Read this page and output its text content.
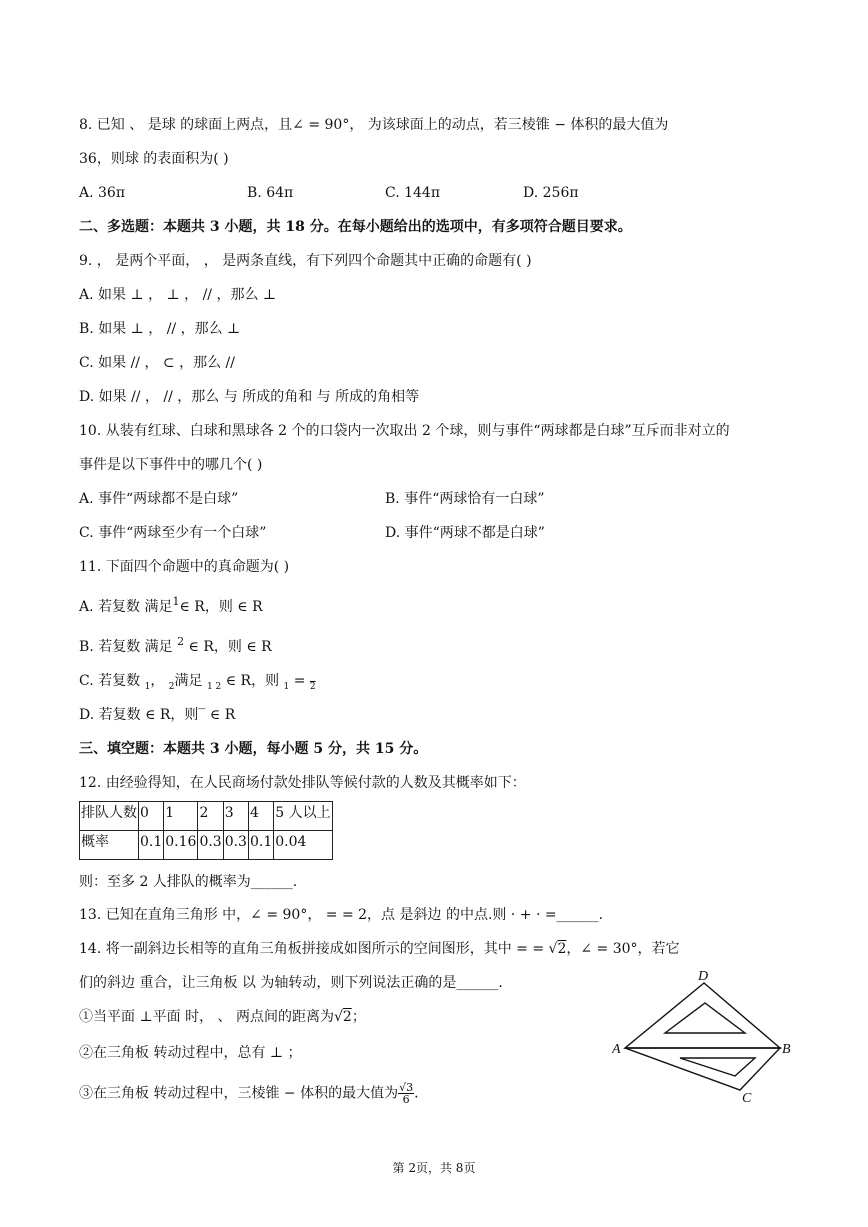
8. 已知 、 是球 的球面上两点，且∠ = 90°， 为该球面上的动点，若三棱锥 − 体积的最大值为
36，则球 的表面积为( )
A. 36π	B. 64π	C. 144π	D. 256π
二、多选题：本题共 3 小题，共 18 分。在每小题给出的选项中，有多项符合题目要求。
9. ， 是两个平面， ， 是两条直线，有下列四个命题其中正确的命题有( )
A. 如果 ⊥ ， ⊥ ， // ，那么 ⊥
B. 如果 ⊥ ， // ，那么 ⊥
C. 如果 // ， ⊂ ，那么 //
D. 如果 // ， // ，那么 与 所成的角和 与 所成的角相等
10. 从装有红球、白球和黑球各 2 个的口袋内一次取出 2 个球，则与事件“两球都是白球”互斥而非对立的
事件是以下事件中的哪几个( )
A. 事件“两球都不是白球”	B. 事件“两球恰有一白球”
C. 事件“两球至少有一个白球”	D. 事件“两球不都是白球”
11. 下面四个命题中的真命题为( )
A. 若复数 满足$^1$∈ R，则 ∈ R
B. 若复数 满足 $^2$ ∈ R，则 ∈ R
C. 若复数 $_1$， $_2$满足 $_{1 2}$ ∈ R，则 $_1$ = $_2$
D. 若复数 ∈ R，则‾ ∈ R
三、填空题：本题共 3 小题，每小题 5 分，共 15 分。
12. 由经验得知，在人民商场付款处排队等候付款的人数及其概率如下：
排队人数	0	1	2	3	4	5 人以上
概率	0.1	0.16	0.3	0.3	0.1	0.04
则：至多 2 人排队的概率为______.
13. 已知在直角三角形 中，∠ = 90°， = = 2，点 是斜边 的中点.则 · + · =______.
14. 将一副斜边长相等的直角三角板拼接成如图所示的空间图形，其中 = = √2，∠ = 30°，若它
们的斜边 重合，让三角板 以 为轴转动，则下列说法正确的是______.
①当平面 ⊥平面 时， 、 两点间的距离为√2；
②在三角板 转动过程中，总有 ⊥ ；
③在三角板 转动过程中，三棱锥 − 体积的最大值为 $\frac{√3}{6}$ .
D
A	B
C
第 2页，共 8页
